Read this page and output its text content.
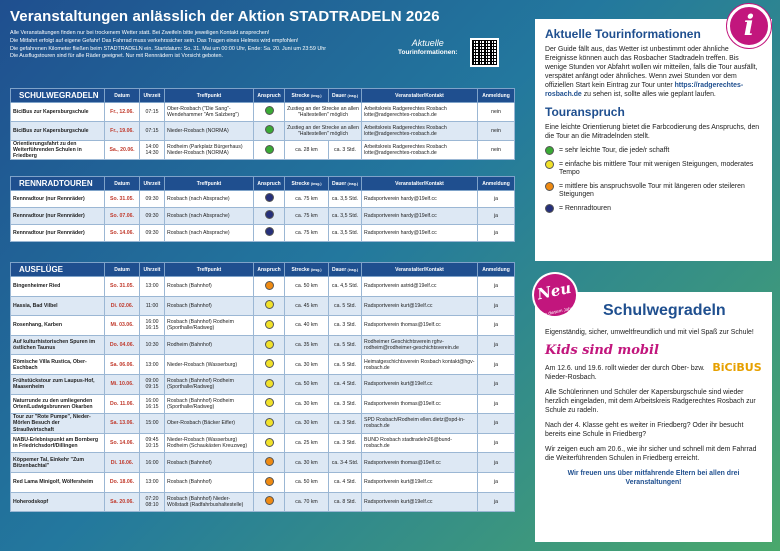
Veranstaltungen anlässlich der Aktion STADTRADELN 2026
Alle Veranstaltungen finden nur bei trockenem Wetter statt. Bei Zweifeln bitte jeweiligen Kontakt ansprechen!
Die Mitfahrt erfolgt auf eigene Gefahr! Das Fahrrad muss verkehrssicher sein. Das Tragen eines Helmes wird empfohlen!
Die gefahrenen Kilometer fließen beim STADTRADELN ein. Startdatum: So. 31. Mai um 00:00 Uhr, Ende: Sa. 20. Juni um 23:59 Uhr
Die Ausflugstouren sind für alle Räder geeignet. Nur mit Rennrädern ist Vorsicht geboten.
Aktuelle
Tourinformationen:
SCHULWEGRADELN	Datum	Uhrzeit	Treffpunkt	Anspruch	Strecke (insg.)	Dauer (insg.)	Veranstalter/Kontakt	Anmeldung
BiciBus zur Kapersburgschule	Fr., 12.06.	07:15	Ober-Rosbach ("Die Sang"- Wendehammer "Am Salzberg")		Zustieg an der Strecke an allen "Haltestellen" möglich		Arbeitskreis Radgerechtes Rosbach lotte@radgerechtes-rosbach.de	nein
BiciBus zur Kapersburgschule	Fr., 19.06.	07:15	Nieder-Rosbach (NORMA)		Zustieg an der Strecke an allen "Haltestellen" möglich		Arbeitskreis Radgerechtes Rosbach lotte@radgerechtes-rosbach.de	nein
Orientierungsfahrt zu den Weiterführenden Schulen in Friedberg	Sa., 20.06.	14:00 14:30	Rodheim (Parkplatz Bürgerhaus) Nieder-Rosbach (NORMA)		ca. 28 km	ca. 3 Std.	Arbeitskreis Radgerechtes Rosbach lotte@radgerechtes-rosbach.de	nein
RENNRADTOUREN	Datum	Uhrzeit	Treffpunkt	Anspruch	Strecke (insg.)	Dauer (insg.)	Veranstalter/Kontakt	Anmeldung
Rennradtour (nur Rennräder)	So. 31.05.	09:30	Rosbach (nach Absprache)		ca. 75 km	ca. 3,5 Std.	Radsportverein hardy@19elf.cc	ja
Rennradtour (nur Rennräder)	So. 07.06.	09:30	Rosbach (nach Absprache)		ca. 75 km	ca. 3,5 Std.	Radsportverein hardy@19elf.cc	ja
Rennradtour (nur Rennräder)	So. 14.06.	09:30	Rosbach (nach Absprache)		ca. 75 km	ca. 3,5 Std.	Radsportverein hardy@19elf.cc	ja
AUSFLÜGE	Datum	Uhrzeit	Treffpunkt	Anspruch	Strecke (insg.)	Dauer (insg.)	Veranstalter/Kontakt	Anmeldung
Bingenheimer Ried	So. 31.05.	13:00	Rosbach (Bahnhof)		ca. 50 km	ca. 4,5 Std.	Radsportverein astrid@19elf.cc	ja
Hassia, Bad Vilbel	Di. 02.06.	11:00	Rosbach (Bahnhof)		ca. 45 km	ca. 5 Std.	Radsportverein kurt@19elf.cc	ja
Rosenhang, Karben	Mi. 03.06.	16:00 16:15	Rosbach (Bahnhof) Rodheim (Sporthalle/Radweg)		ca. 40 km	ca. 3 Std.	Radsportverein thomas@19elf.cc	ja
Auf kulturhistorischen Spuren im östlichen Taunus	Do. 04.06.	10:30	Rodheim (Bahnhof)		ca. 35 km	ca. 5 Std.	Rodheimer Geschichtsverein rghv-rodheim@rodheimer-geschichtsverein.de	ja
Römische Villa Rustica, Ober-Eschbach	Sa. 06.06.	13:00	Nieder-Rosbach (Wasserburg)		ca. 30 km	ca. 5 Std.	Heimatgeschichtsverein Rosbach kontakt@hgv-rosbach.de	ja
Frühstückstour zum Laupus-Hof, Maasenheim	Mi. 10.06.	09:00 09:15	Rosbach (Bahnhof) Rodheim (Sporthalle/Radweg)		ca. 50 km	ca. 4 Std.	Radsportverein kurt@19elf.cc	ja
Naturrunde zu den umliegenden Orten/Ludwigsbrunnen Okarben	Do. 11.06.	16:00 16:15	Rosbach (Bahnhof) Rodheim (Sporthalle/Radweg)		ca. 30 km	ca. 3 Std.	Radsportverein thomas@19elf.cc	ja
Tour zur "Rote Pumpe", Nieder-Mörlen Besuch der Straußwirtschaft	Sa. 13.06.	15:00	Ober-Rosbach (Bäcker Eifler)		ca. 30 km	ca. 3 Std.	SPD Rosbach/Rodheim ellen.dietz@spd-in-rosbach.de	ja
NABU-Erlebnispunkt am Bornberg in Friedrichsdorf/Dillingen	So. 14.06.	09:45 10:15	Nieder-Rosbach (Wasserburg) Rodheim (Schaukästen Kreuzweg)		ca. 25 km	ca. 3 Std.	BUND Rosbach stadtradeln26@bund-rosbach.de	ja
Köppemer Tal, Einkehr "Zum Bitzenbachtal"	Di. 16.06.	16:00	Rosbach (Bahnhof)		ca. 30 km	ca. 3-4 Std.	Radsportverein thomas@19elf.cc	ja
Red Lama Minigolf, Wölfersheim	Do. 18.06.	13:00	Rosbach (Bahnhof)		ca. 50 km	ca. 4 Std.	Radsportverein kurt@19elf.cc	ja
Hoherodskopf	Sa. 20.06.	07:20 08:10	Rosbach (Bahnhof) Nieder-Wöllstadt (Radfahrbushaltestelle)		ca. 70 km	ca. 8 Std.	Radsportverein kurt@19elf.cc	ja
Aktuelle Tourinformationen

Der Guide fällt aus, das Wetter ist unbestimmt oder ähnliche Ereignisse können auch das Rosbacher Stadtradeln treffen. Bis wenige Stunden vor Abfahrt wollen wir mitteilen, falls die Tour ausfällt, verspätet anfängt oder ähnliches. Wenn zwei Stunden vor dem offiziellen Start kein Eintrag zur Tour unter https://radgerechtes-rosbach.de zu sehen ist, sollte alles wie geplant laufen.

Touranspruch

Eine leichte Orientierung bietet die Farbcodierung des Anspruchs, den die Tour an die Mitradelnden stellt.

= sehr leichte Tour, die jede/r schafft
= einfache bis mittlere Tour mit wenigen Steigungen, moderates Tempo
= mittlere bis anspruchsvolle Tour mit längeren oder steileren Steigungen
= Rennradtouren
i
Schulwegradeln

Eigenständig, sicher, umweltfreundlich und mit viel Spaß zur Schule!

Kids sind mobil
BiCiBUS

Am 12.6. und 19.6. rollt wieder der durch Ober- bzw. Nieder-Rosbach.

Alle Schülerinnen und Schüler der Kapersburgschule sind wieder herzlich eingeladen, mit dem Arbeitskreis Radgerechtes Rosbach zur Schule zu radeln.

Nach der 4. Klasse geht es weiter in Friedberg? Oder ihr besucht bereits eine Schule in Friedberg?

Wir zeigen euch am 20.6., wie ihr sicher und schnell mit dem Fahrrad die Weiterführenden Schulen in Friedberg erreicht.

Wir freuen uns über mitfahrende Eltern bei allen drei Veranstaltungen!

Neu
in diesem Jahr!
